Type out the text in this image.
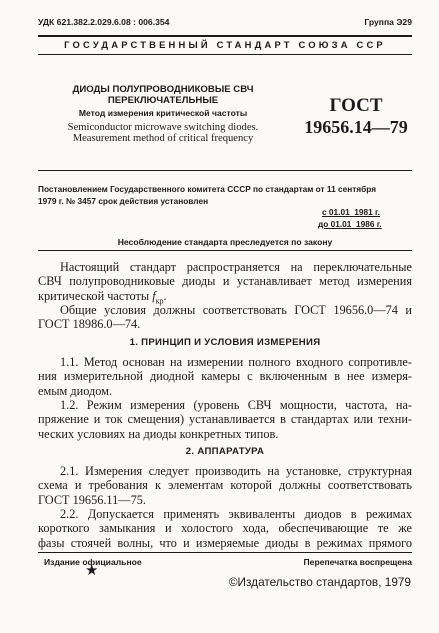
УДК 621.382.2.029.6.08 : 006.354	Группа Э29
ГОСУДАРСТВЕННЫЙ СТАНДАРТ СОЮЗА ССР
ДИОДЫ ПОЛУПРОВОДНИКОВЫЕ СВЧ
ПЕРЕКЛЮЧАТЕЛЬНЫЕ
Метод измерения критической частоты
Semiconductor microwave switching diodes.
Measurement method of critical frequency
ГОСТ
19656.14—79
Постановлением Государственного комитета СССР по стандартам от 11 сентября
1979 г. № 3457 срок действия установлен
с 01.01  1981 г.
до 01.01  1986 г.
Несоблюдение стандарта преследуется по закону
Настоящий стандарт распространяется на переключательные
СВЧ полупроводниковые диоды и устанавливает метод измерения
критической частоты $f_{кр}$.
Общие условия должны соответствовать ГОСТ 19656.0—74 и
ГОСТ 18986.0—74.
1. ПРИНЦИП И УСЛОВИЯ ИЗМЕРЕНИЯ
1.1. Метод основан на измерении полного входного сопротивле-
ния измерительной диодной камеры с включенным в нее измеря-
емым диодом.
1.2. Режим измерения (уровень СВЧ мощности, частота, на-
пряжение и ток смещения) устанавливается в стандартах или техни-
ческих условиях на диоды конкретных типов.
2. АППАРАТУРА
2.1. Измерения следует производить на установке, структурная
схема и требования к элементам которой должны соответствовать
ГОСТ 19656.11—75.
2.2. Допускается применять эквиваленты диодов в режимах
короткого замыкания и холостого хода, обеспечивающие те же
фазы стоячей волны, что и измеряемые диоды в режимах прямого
Издание официальное	Перепечатка воспрещена
★
©Издательство стандартов, 1979
